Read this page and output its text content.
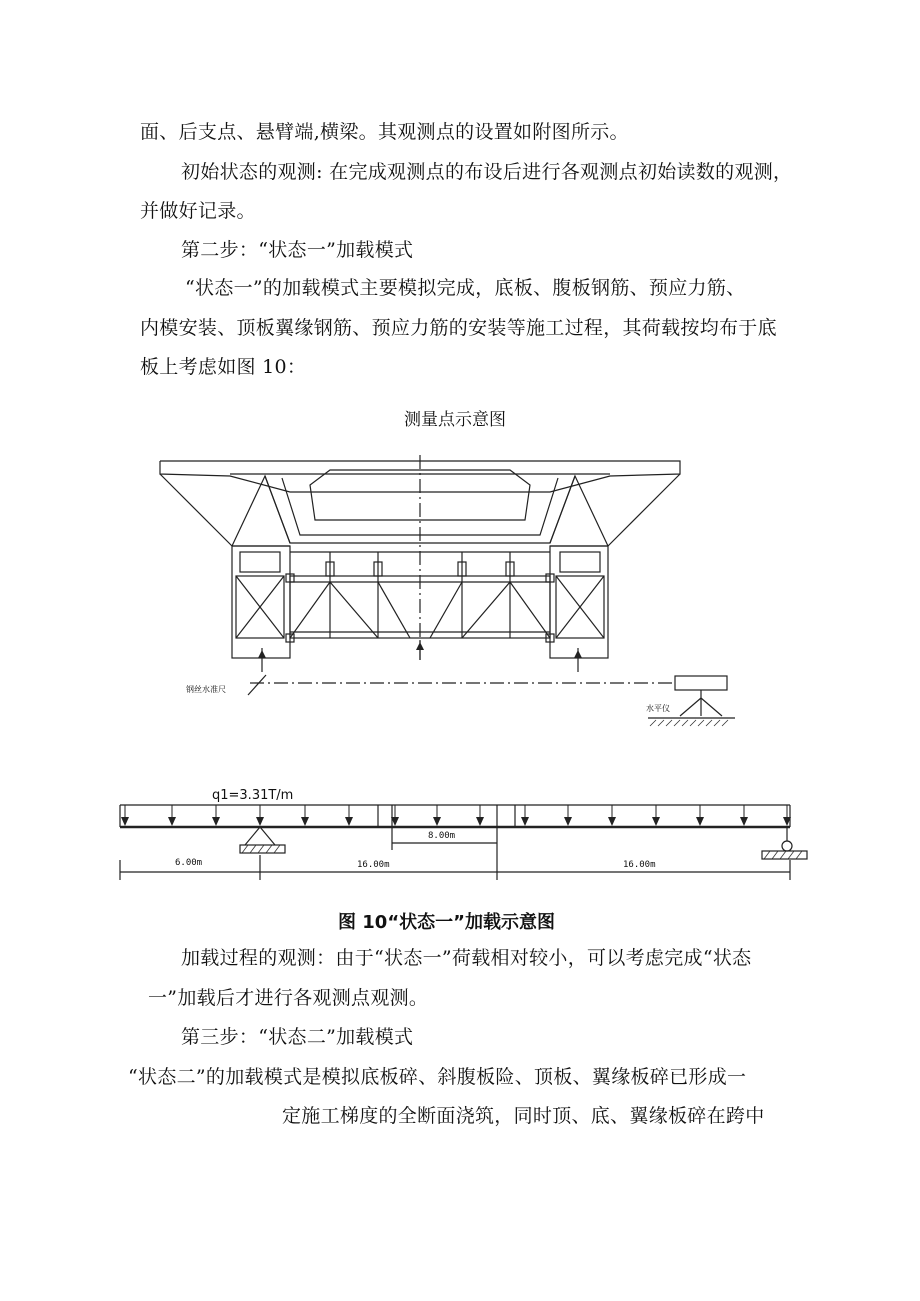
面、后支点、悬臂端,横梁。其观测点的设置如附图所示。
初始状态的观测: 在完成观测点的布设后进行各观测点初始读数的观测，
并做好记录。
第二步：“状态一”加载模式
“状态一”的加载模式主要模拟完成，底板、腹板钢筋、预应力筋、
内模安装、顶板翼缘钢筋、预应力筋的安装等施工过程，其荷载按均布于底
板上考虑如图 10：
测量点示意图
钢丝水准尺
水平仪
q1=3.31T/m
8.00m
6.00m	16.00m	16.00m
图 10“状态一”加载示意图
加载过程的观测：由于“状态一”荷载相对较小，可以考虑完成“状态
一”加载后才进行各观测点观测。
第三步：“状态二”加载模式
“状态二”的加载模式是模拟底板碎、斜腹板险、顶板、翼缘板碎已形成一
定施工梯度的全断面浇筑，同时顶、底、翼缘板碎在跨中
